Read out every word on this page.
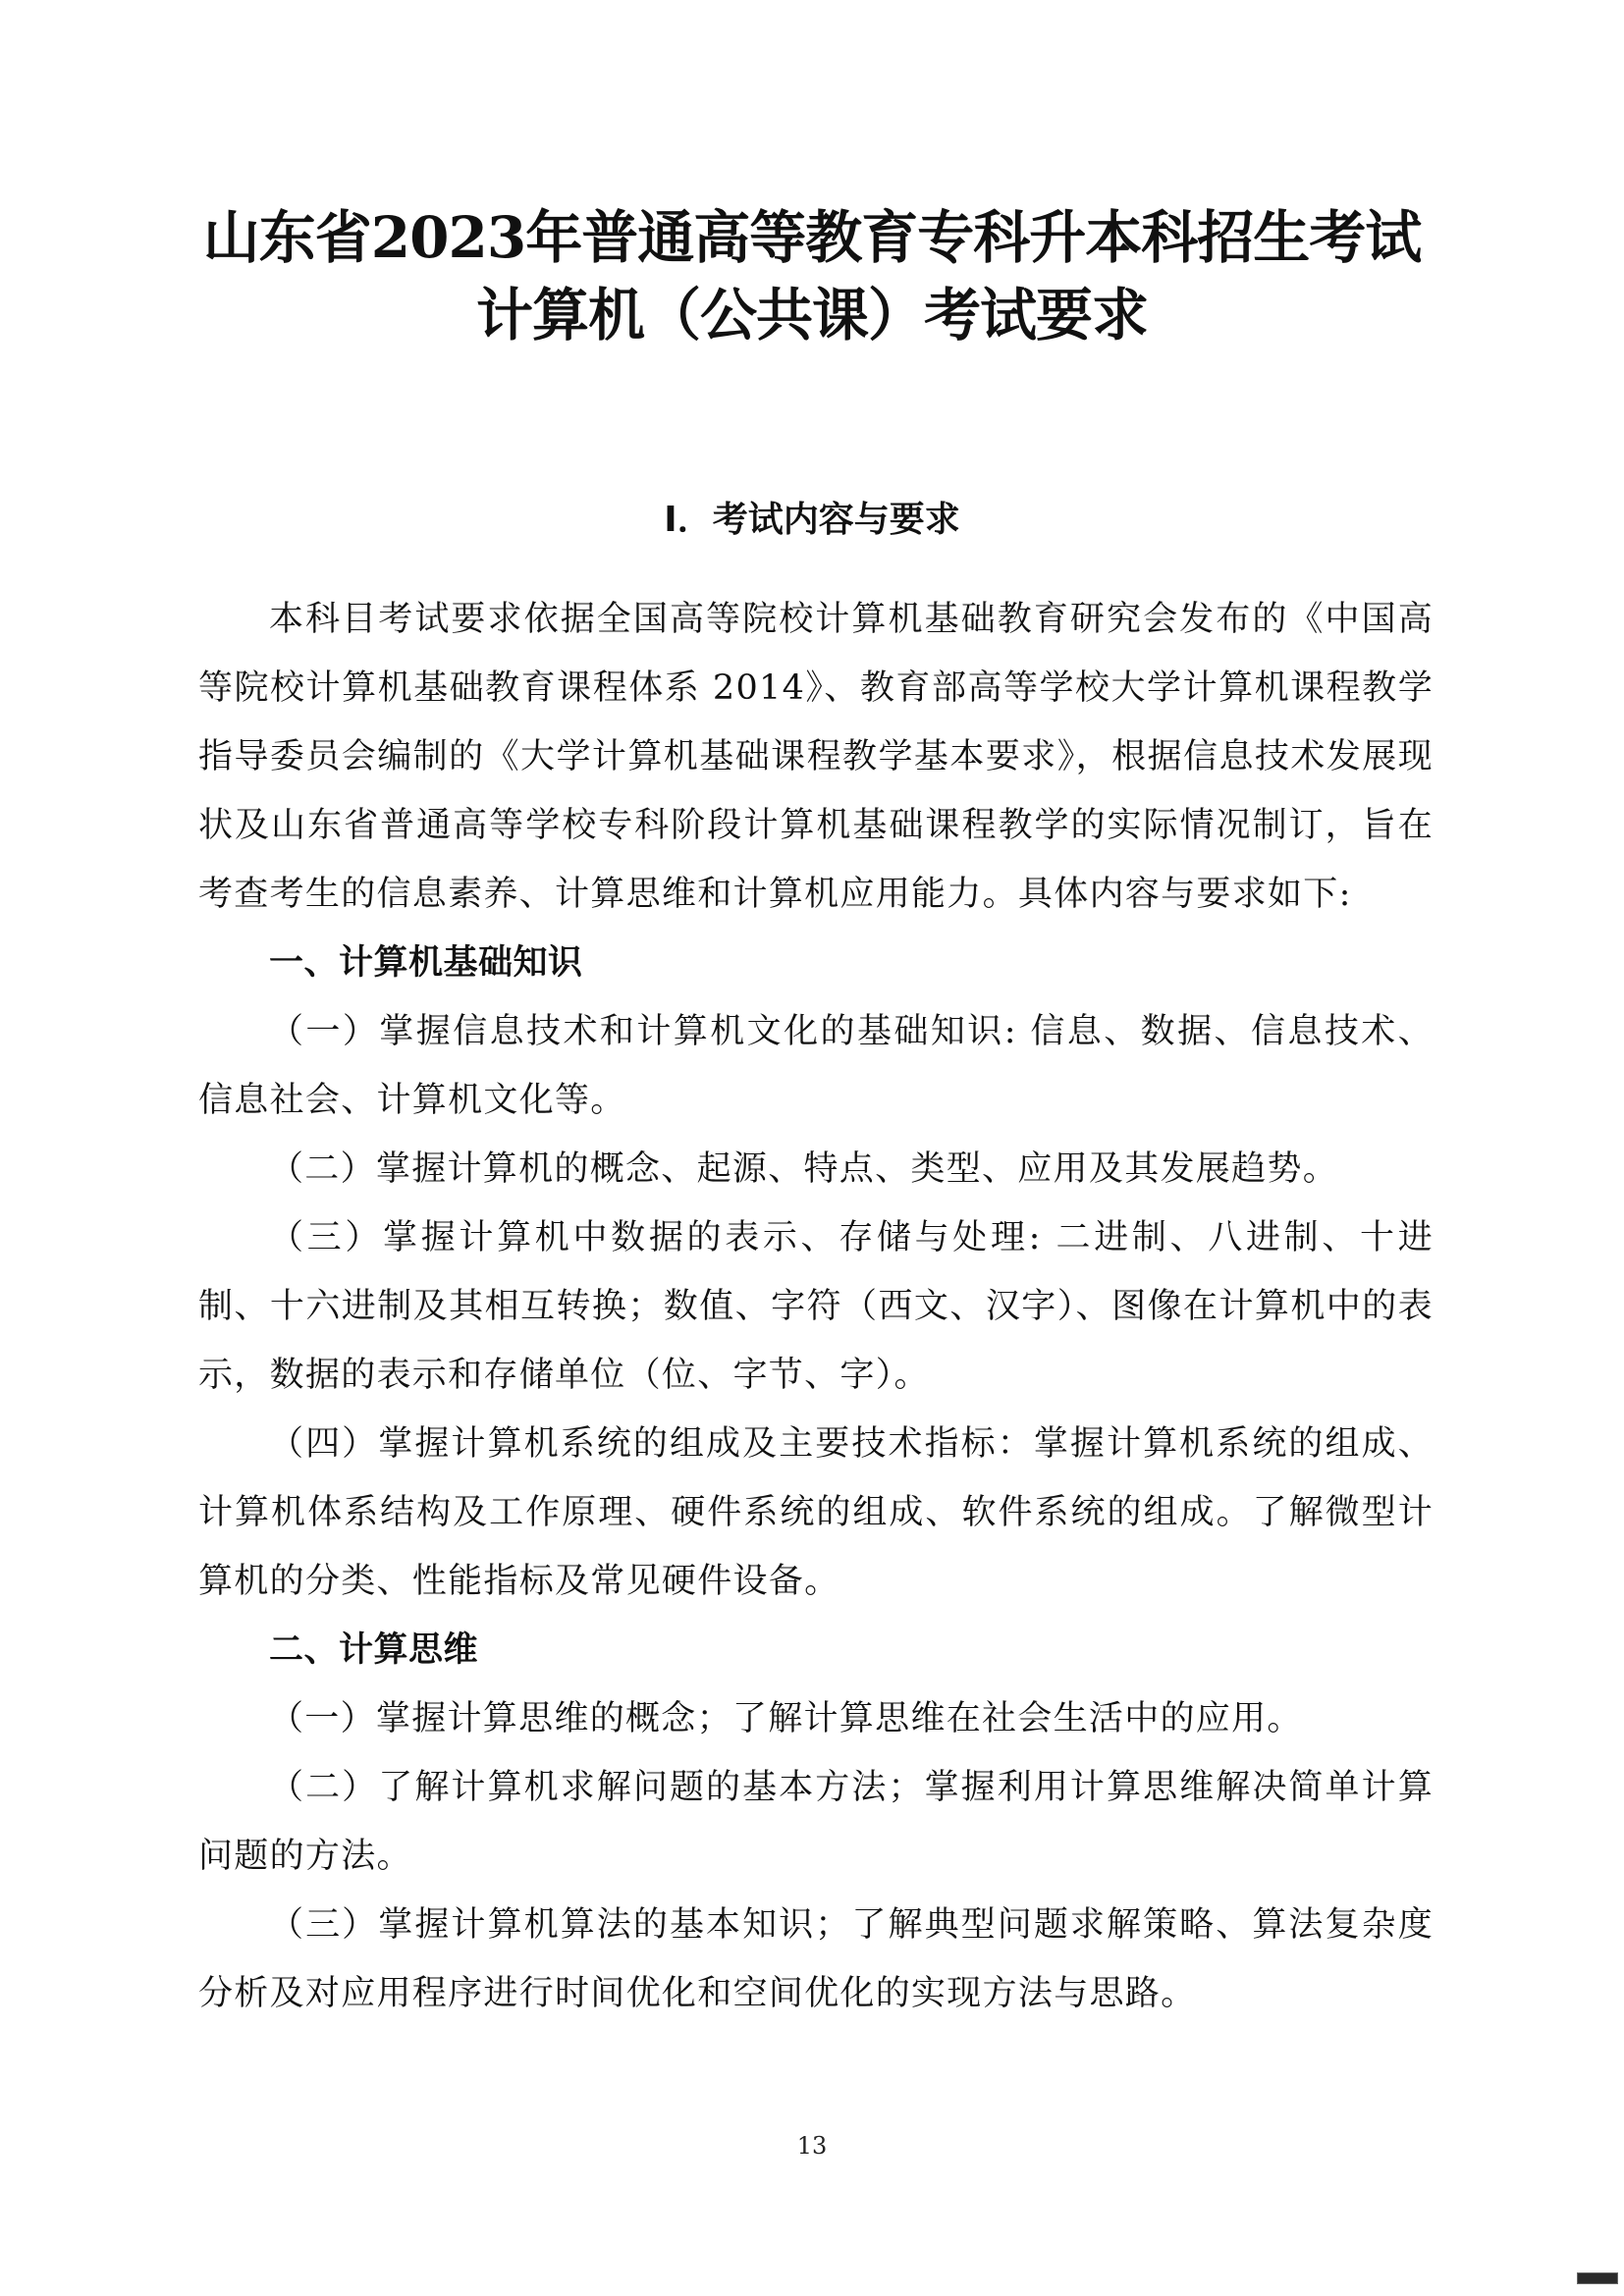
山东省2023年普通高等教育专科升本科招生考试
计算机（公共课）考试要求
I．考试内容与要求

本科目考试要求依据全国高等院校计算机基础教育研究会发布的《中国高等院校计算机基础教育课程体系 2014》、教育部高等学校大学计算机课程教学指导委员会编制的《大学计算机基础课程教学基本要求》，根据信息技术发展现状及山东省普通高等学校专科阶段计算机基础课程教学的实际情况制订，旨在考查考生的信息素养、计算思维和计算机应用能力。具体内容与要求如下:

一、计算机基础知识

（一）掌握信息技术和计算机文化的基础知识: 信息、数据、信息技术、信息社会、计算机文化等。

（二）掌握计算机的概念、起源、特点、类型、应用及其发展趋势。

（三）掌握计算机中数据的表示、存储与处理: 二进制、八进制、十进制、十六进制及其相互转换；数值、字符（西文、汉字）、图像在计算机中的表示，数据的表示和存储单位（位、字节、字）。

（四）掌握计算机系统的组成及主要技术指标：掌握计算机系统的组成、计算机体系结构及工作原理、硬件系统的组成、软件系统的组成。了解微型计算机的分类、性能指标及常见硬件设备。

二、计算思维

（一）掌握计算思维的概念；了解计算思维在社会生活中的应用。

（二）了解计算机求解问题的基本方法；掌握利用计算思维解决简单计算问题的方法。

（三）掌握计算机算法的基本知识；了解典型问题求解策略、算法复杂度分析及对应用程序进行时间优化和空间优化的实现方法与思路。

13
